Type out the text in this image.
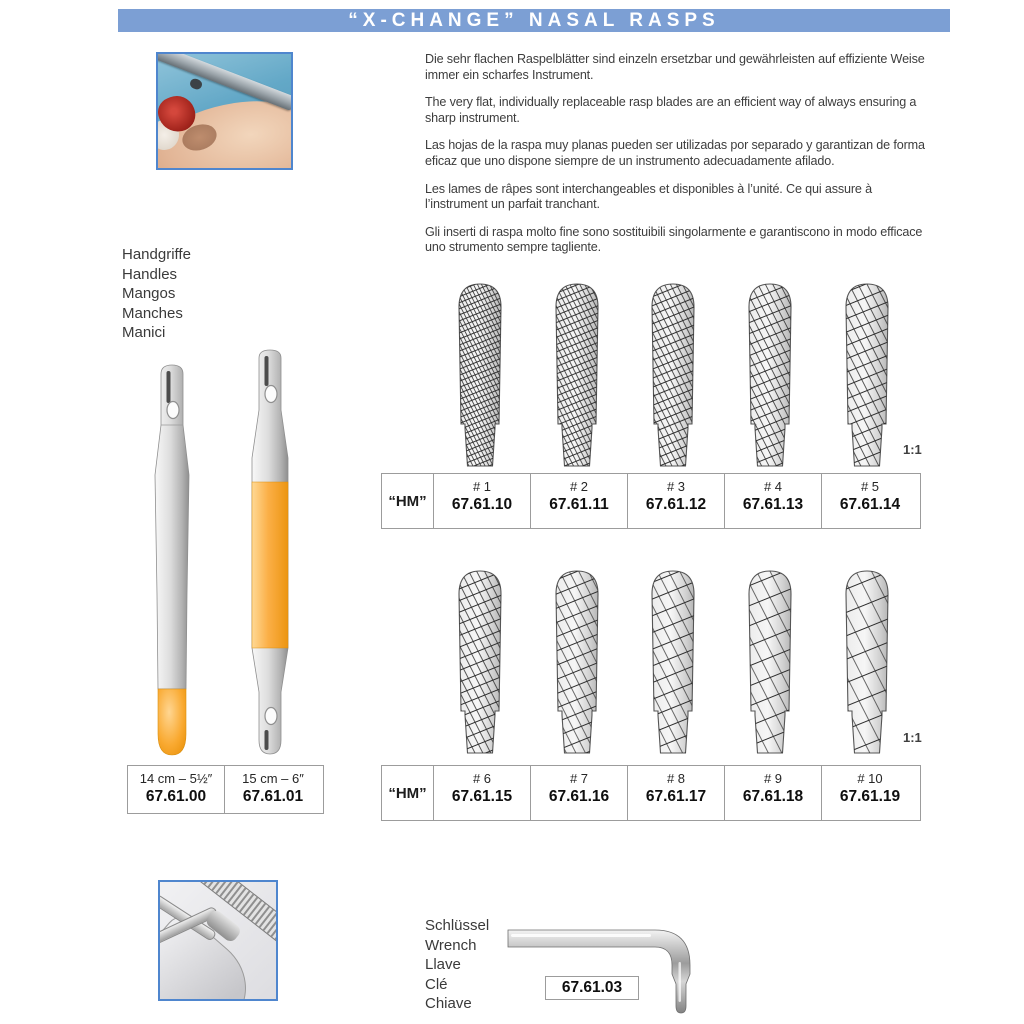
“X-CHANGE” NASAL RASPS

Die sehr flachen Raspelblätter sind einzeln ersetzbar und gewährleisten auf effiziente Weise immer ein scharfes Instrument.

The very flat, individually replaceable rasp blades are an efficient way of always ensuring a sharp instrument.

Las hojas de la raspa muy planas pueden ser utilizadas por separado y garantizan de forma eficaz que uno dispone siempre de un instrumento adecuadamente afilado.

Les lames de râpes sont interchangeables et disponibles à l’unité. Ce qui assure à l’instrument un parfait tranchant.

Gli inserti di raspa molto fine sono sostituibili singolarmente e garantiscono in modo efficace uno strumento sempre tagliente.

Handgriffe
Handles
Mangos
Manches
Manici
14 cm – 5½″
67.61.00
15 cm – 6″
67.61.01
1:1
1:1
“HM”
# 1
67.61.10
# 2
67.61.11
# 3
67.61.12
# 4
67.61.13
# 5
67.61.14
“HM”
# 6
67.61.15
# 7
67.61.16
# 8
67.61.17
# 9
67.61.18
# 10
67.61.19
Schlüssel
Wrench
Llave
Clé
Chiave
67.61.03
